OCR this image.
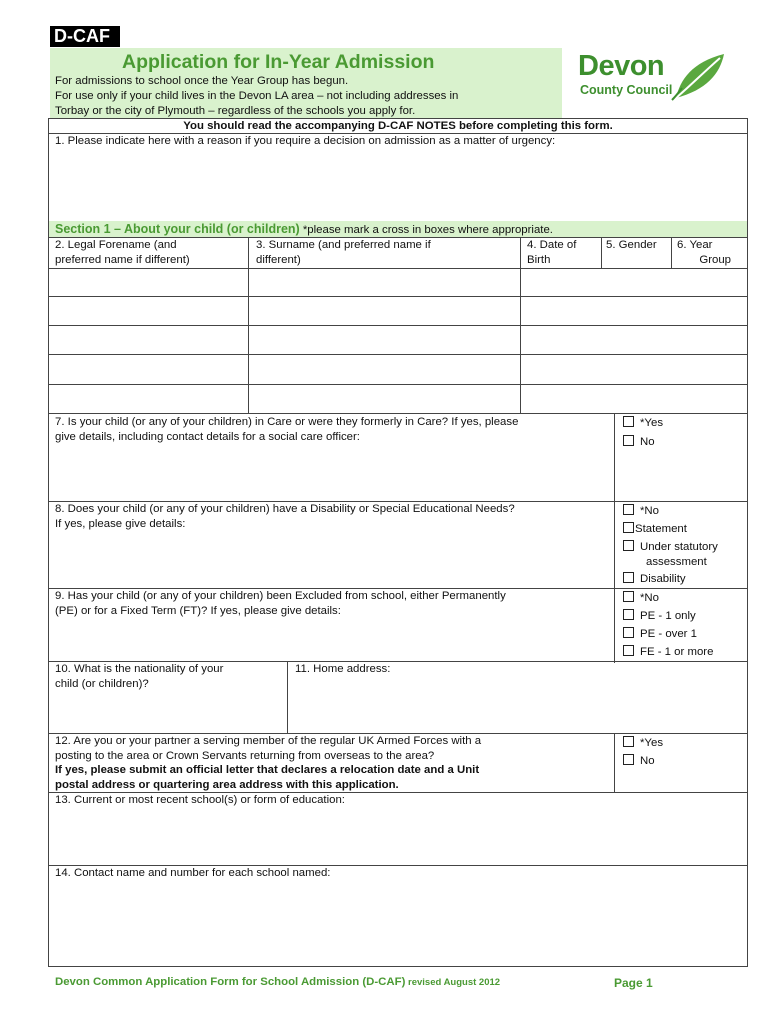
D-CAF
Application for In-Year Admission
For admissions to school once the Year Group has begun.
For use only if your child lives in the Devon LA area – not including addresses in
Torbay or the city of Plymouth – regardless of the schools you apply for.
Devon
County Council
You should read the accompanying D-CAF NOTES before completing this form.
1. Please indicate here with a reason if you require a decision on admission as a matter of urgency:
Section 1 – About your child (or children) *please mark a cross in boxes where appropriate.
2. Legal Forename (and
preferred name if different)
3. Surname (and preferred name if
different)
4. Date of
Birth
5. Gender 6. Year
Group
7. Is your child (or any of your children) in Care or were they formerly in Care? If yes, please
give details, including contact details for a social care officer:
*Yes
No
8. Does your child (or any of your children) have a Disability or Special Educational Needs?
If yes, please give details:
*No
Statement
Under statutory
assessment
Disability
9. Has your child (or any of your children) been Excluded from school, either Permanently
(PE) or for a Fixed Term (FT)? If yes, please give details:
*No
PE - 1 only
PE - over 1
FE - 1 or more
10. What is the nationality of your
child (or children)?
11. Home address:
12. Are you or your partner a serving member of the regular UK Armed Forces with a
posting to the area or Crown Servants returning from overseas to the area?
If yes, please submit an official letter that declares a relocation date and a Unit
postal address or quartering area address with this application.
*Yes
No
13. Current or most recent school(s) or form of education:
14. Contact name and number for each school named:
Devon Common Application Form for School Admission (D-CAF) revised August 2012	Page 1
